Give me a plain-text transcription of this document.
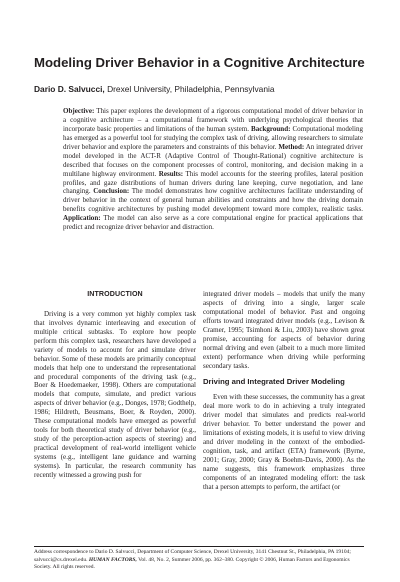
Modeling Driver Behavior in a Cognitive Architecture
Dario D. Salvucci, Drexel University, Philadelphia, Pennsylvania

Objective: This paper explores the development of a rigorous computational model of driver behavior in a cognitive architecture – a computational framework with underlying psychological theories that incorporate basic properties and limitations of the human system. Background: Computational modeling has emerged as a powerful tool for studying the complex task of driving, allowing researchers to simulate driver behavior and explore the parameters and constraints of this behavior. Method: An integrated driver model developed in the ACT-R (Adaptive Control of Thought-Rational) cognitive architecture is described that focuses on the component processes of control, monitoring, and decision making in a multilane highway environment. Results: This model accounts for the steering profiles, lateral position profiles, and gaze distributions of human drivers during lane keeping, curve negotiation, and lane changing. Conclusion: The model demonstrates how cognitive architectures facilitate understanding of driver behavior in the context of general human abilities and constraints and how the driving domain benefits cognitive architectures by pushing model development toward more complex, realistic tasks. Application: The model can also serve as a core computational engine for practical applications that predict and recognize driver behavior and distraction.

INTRODUCTION

Driving is a very common yet highly complex task that involves dynamic interleaving and execution of multiple critical subtasks. To explore how people perform this complex task, researchers have developed a variety of models to account for and simulate driver behavior. Some of these models are primarily conceptual models that help one to understand the representational and procedural components of the driving task (e.g., Boer & Hoedemaeker, 1998). Others are computational models that compute, simulate, and predict various aspects of driver behavior (e.g., Donges, 1978; Godthelp, 1986; Hildreth, Beusmans, Boer, & Royden, 2000). These computational models have emerged as powerful tools for both theoretical study of driver behavior (e.g., study of the perception-action aspects of steering) and practical development of real-world intelligent vehicle systems (e.g., intelligent lane guidance and warning systems). In particular, the research community has recently witnessed a growing push for

integrated driver models – models that unify the many aspects of driving into a single, larger scale computational model of behavior. Past and ongoing efforts toward integrated driver models (e.g., Levison & Cramer, 1995; Tsimhoni & Liu, 2003) have shown great promise, accounting for aspects of behavior during normal driving and even (albeit to a much more limited extent) performance when driving while performing secondary tasks.

Driving and Integrated Driver Modeling

Even with these successes, the community has a great deal more work to do in achieving a truly integrated driver model that simulates and predicts real-world driver behavior. To better understand the power and limitations of existing models, it is useful to view driving and driver modeling in the context of the embodied-cognition, task, and artifact (ETA) framework (Byrne, 2001; Gray, 2000; Gray & Boehm-Davis, 2000). As the name suggests, this framework emphasizes three components of an integrated modeling effort: the task that a person attempts to perform, the artifact (or

Address correspondence to Dario D. Salvucci, Department of Computer Science, Drexel University, 3141 Chestnut St., Philadelphia, PA 19104; salvucci@cs.drexel.edu. HUMAN FACTORS, Vol. 48, No. 2, Summer 2006, pp. 362–380. Copyright © 2006, Human Factors and Ergonomics Society. All rights reserved.
